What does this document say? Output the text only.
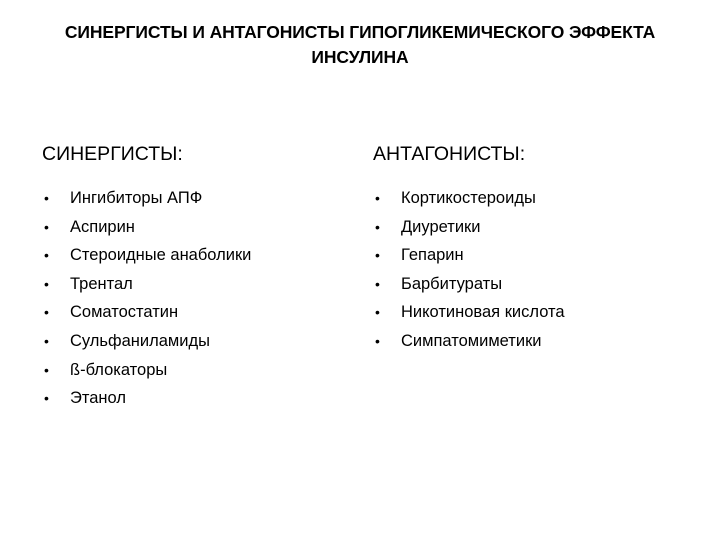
СИНЕРГИСТЫ И АНТАГОНИСТЫ ГИПОГЛИКЕМИЧЕСКОГО ЭФФЕКТА
ИНСУЛИНА
СИНЕРГИСТЫ:
• Ингибиторы АПФ
• Аспирин
• Стероидные анаболики
• Трентал
• Соматостатин
• Сульфаниламиды
• ß-блокаторы
• Этанол
АНТАГОНИСТЫ:
• Кортикостероиды
• Диуретики
• Гепарин
• Барбитураты
• Никотиновая кислота
• Симпатомиметики
